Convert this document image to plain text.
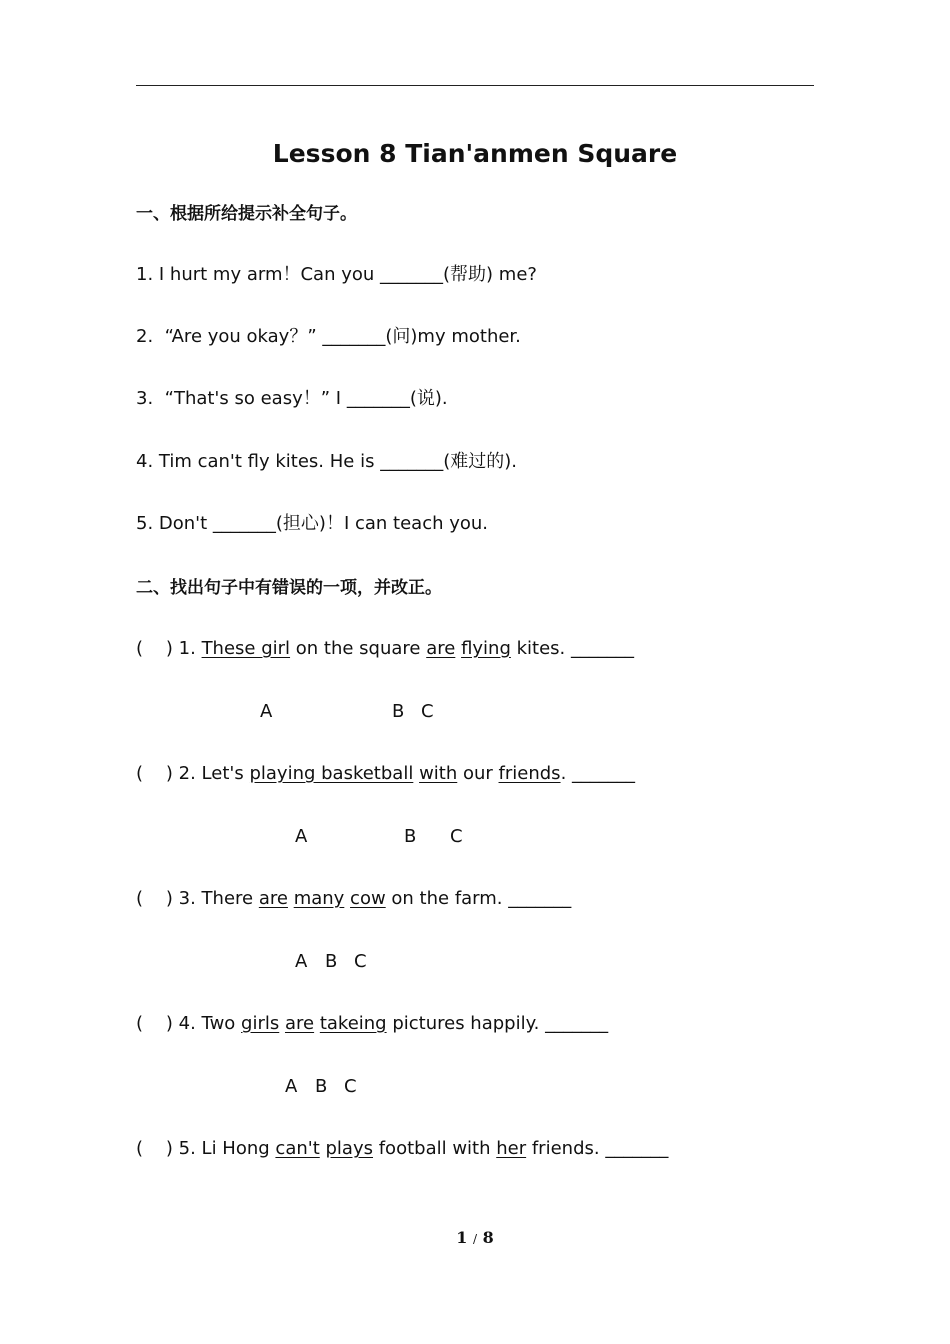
Lesson 8 Tian'anmen Square
一、根据所给提示补全句子。
1. I hurt my arm！Can you _______(帮助) me?
2.  “Are you okay？” _______(问)my mother.
3.  “That's so easy！” I _______(说).
4. Tim can't fly kites. He is _______(难过的).
5. Don't _______(担心)！I can teach you.
二、找出句子中有错误的一项，并改正。
(    ) 1. These girl on the square are flying kites. _______
A	B C
(    ) 2. Let's playing basketball with our friends. _______
A	B C
(    ) 3. There are many cow on the farm. _______
A B C
(    ) 4. Two girls are takeing pictures happily. _______
A B C
(    ) 5. Li Hong can't plays football with her friends. _______
1 / 8
